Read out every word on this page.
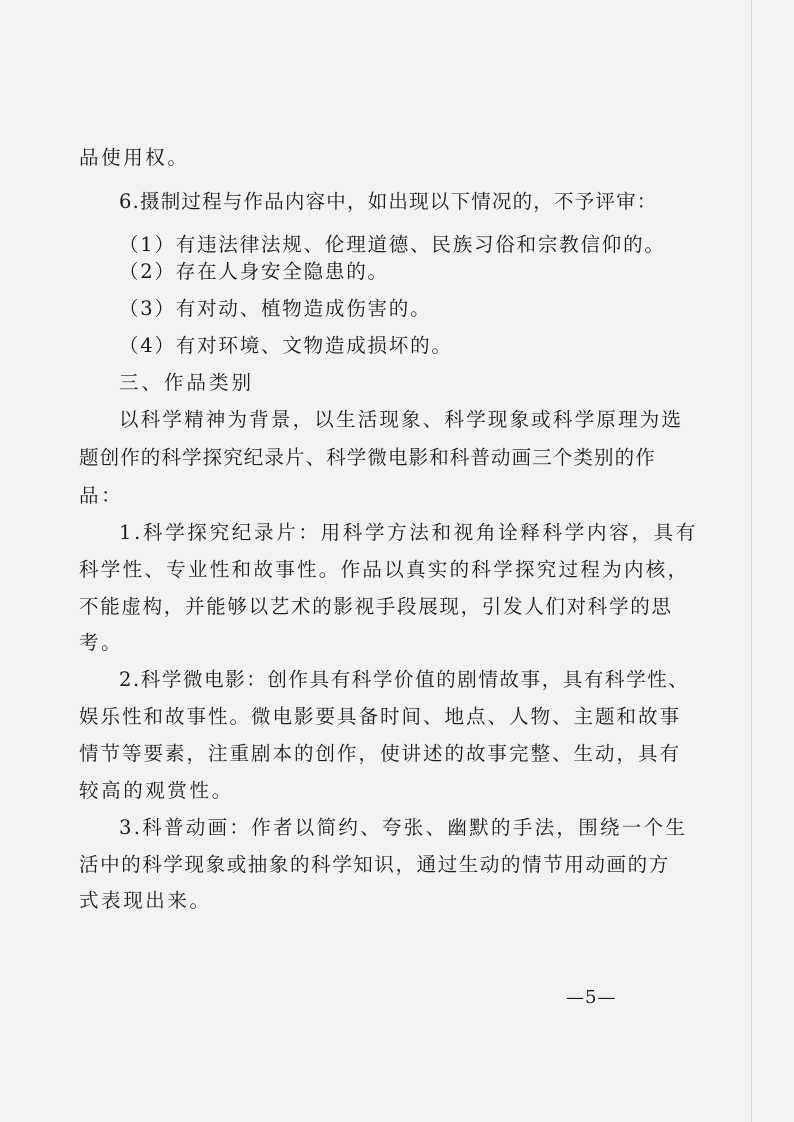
品使用权。
6.摄制过程与作品内容中，如出现以下情况的，不予评审：
（1）有违法律法规、伦理道德、民族习俗和宗教信仰的。
（2）存在人身安全隐患的。
（3）有对动、植物造成伤害的。
（4）有对环境、文物造成损坏的。
三、作品类别
以科学精神为背景，以生活现象、科学现象或科学原理为选
题创作的科学探究纪录片、科学微电影和科普动画三个类别的作
品：
1.科学探究纪录片：用科学方法和视角诠释科学内容，具有
科学性、专业性和故事性。作品以真实的科学探究过程为内核，
不能虚构，并能够以艺术的影视手段展现，引发人们对科学的思
考。
2.科学微电影：创作具有科学价值的剧情故事，具有科学性、
娱乐性和故事性。微电影要具备时间、地点、人物、主题和故事
情节等要素，注重剧本的创作，使讲述的故事完整、生动，具有
较高的观赏性。
3.科普动画：作者以简约、夸张、幽默的手法，围绕一个生
活中的科学现象或抽象的科学知识，通过生动的情节用动画的方
式表现出来。
—5—
